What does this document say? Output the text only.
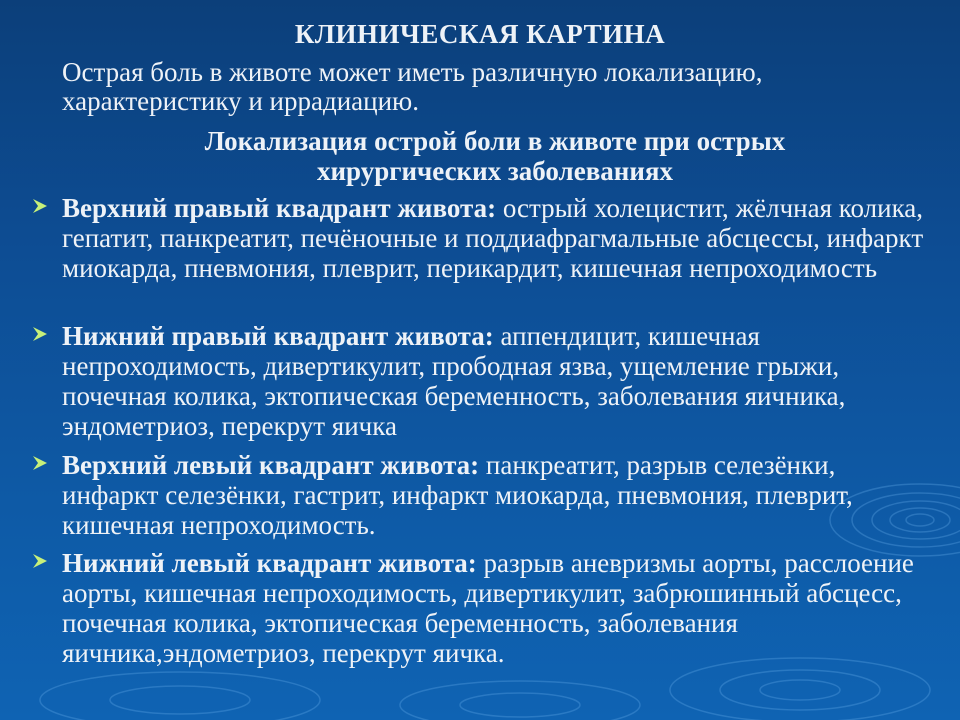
КЛИНИЧЕСКАЯ КАРТИНА
Острая боль в животе может иметь различную локализацию, характеристику и иррадиацию.
Локализация острой боли в животе при острых
хирургических заболеваниях
Верхний правый квадрант живота: острый холецистит, жёлчная колика, гепатит, панкреатит, печёночные и поддиафрагмальные абсцессы, инфаркт миокарда, пневмония, плеврит, перикардит, кишечная непроходимость
Нижний правый квадрант живота: аппендицит, кишечная непроходимость, дивертикулит, прободная язва, ущемление грыжи, почечная колика, эктопическая беременность, заболевания яичника, эндометриоз, перекрут яичка
Верхний левый квадрант живота: панкреатит, разрыв селезёнки, инфаркт селезёнки, гастрит, инфаркт миокарда, пневмония, плеврит, кишечная непроходимость.
Нижний левый квадрант живота: разрыв аневризмы аорты, расслоение аорты, кишечная непроходимость, дивертикулит, забрюшинный абсцесс, почечная колика, эктопическая беременность, заболевания яичника,эндометриоз, перекрут яичка.
